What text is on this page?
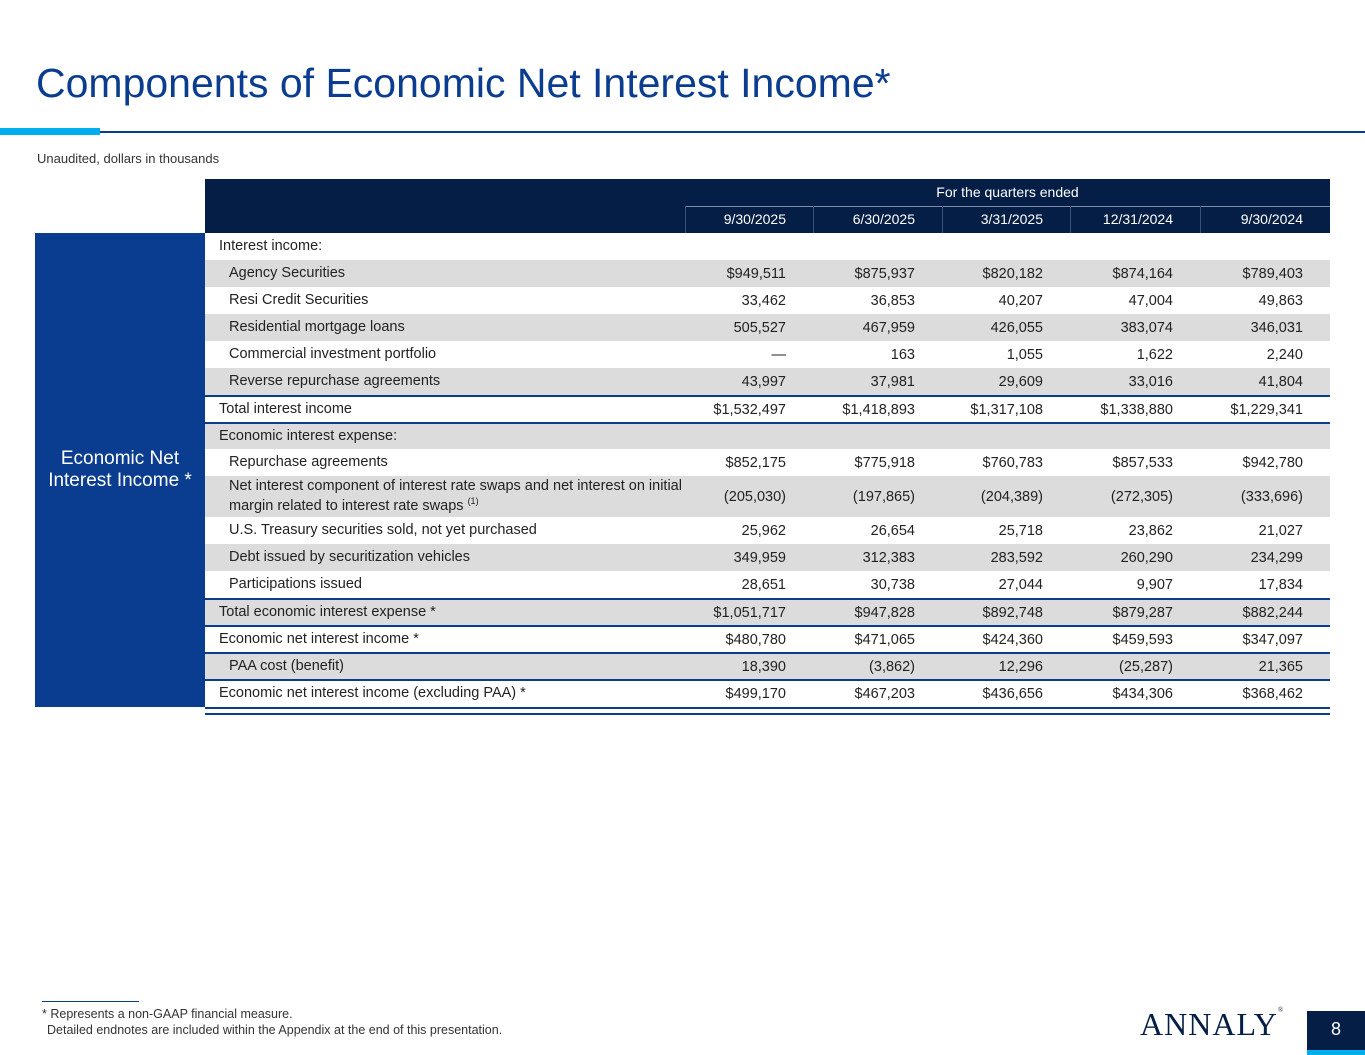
Components of Economic Net Interest Income*
Unaudited, dollars in thousands
Economic Net Interest Income *
For the quarters ended
9/30/2025	6/30/2025	3/31/2025	12/31/2024	9/30/2024
Interest income:
Agency Securities	$949,511	$875,937	$820,182	$874,164	$789,403
Resi Credit Securities	33,462	36,853	40,207	47,004	49,863
Residential mortgage loans	505,527	467,959	426,055	383,074	346,031
Commercial investment portfolio	—	163	1,055	1,622	2,240
Reverse repurchase agreements	43,997	37,981	29,609	33,016	41,804
Total interest income	$1,532,497	$1,418,893	$1,317,108	$1,338,880	$1,229,341
Economic interest expense:
Repurchase agreements	$852,175	$775,918	$760,783	$857,533	$942,780
Net interest component of interest rate swaps and net interest on initial margin related to interest rate swaps $^{(1)}$	(205,030)	(197,865)	(204,389)	(272,305)	(333,696)
U.S. Treasury securities sold, not yet purchased	25,962	26,654	25,718	23,862	21,027
Debt issued by securitization vehicles	349,959	312,383	283,592	260,290	234,299
Participations issued	28,651	30,738	27,044	9,907	17,834
Total economic interest expense *	$1,051,717	$947,828	$892,748	$879,287	$882,244
Economic net interest income *	$480,780	$471,065	$424,360	$459,593	$347,097
PAA cost (benefit)	18,390	(3,862)	12,296	(25,287)	21,365
Economic net interest income (excluding PAA) *	$499,170	$467,203	$436,656	$434,306	$368,462
* Represents a non-GAAP financial measure.
Detailed endnotes are included within the Appendix at the end of this presentation.	ANNALY®
8
